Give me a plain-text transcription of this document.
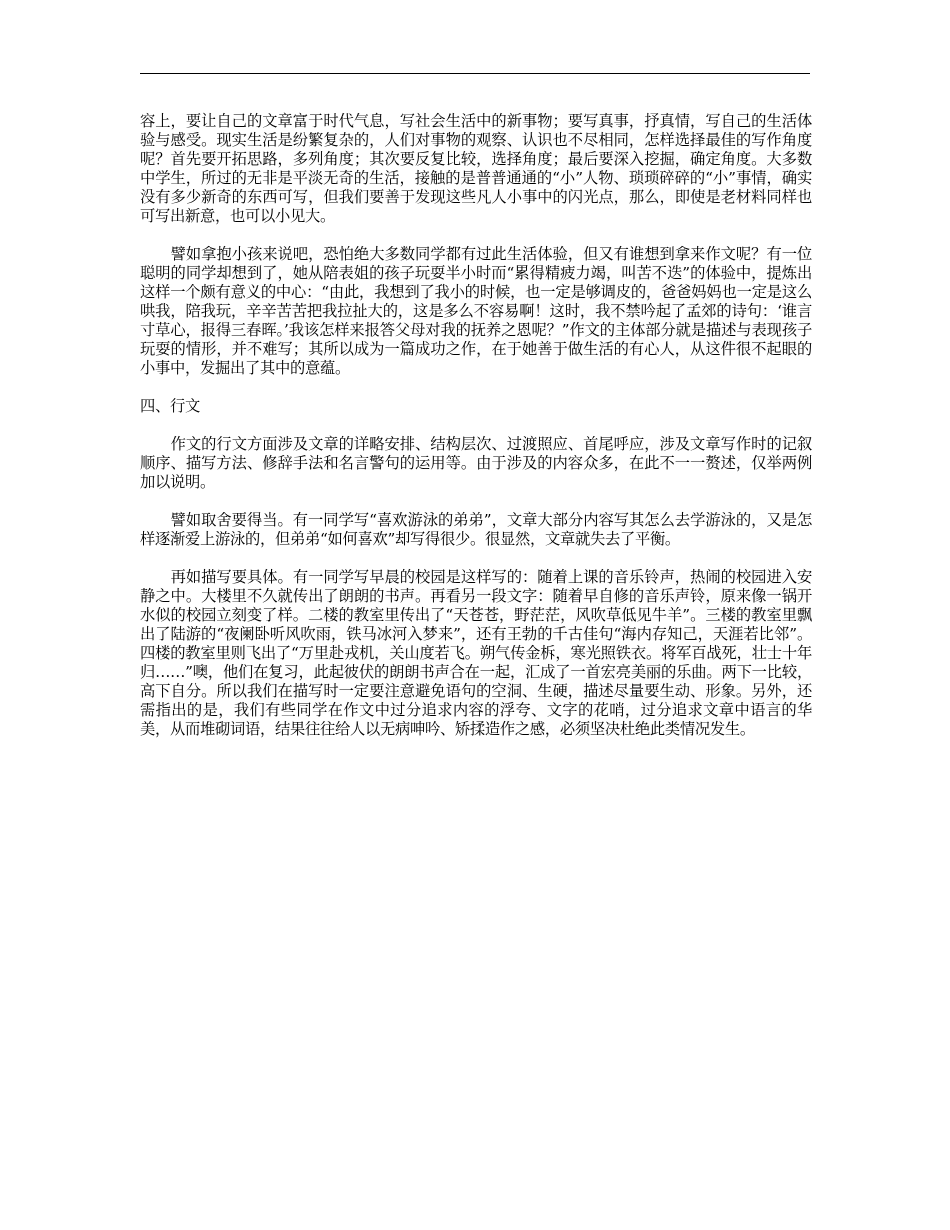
容上，要让自己的文章富于时代气息，写社会生活中的新事物；要写真事，抒真情，写自己的生活体验与感受。现实生活是纷繁复杂的，人们对事物的观察、认识也不尽相同，怎样选择最佳的写作角度呢？首先要开拓思路，多列角度；其次要反复比较，选择角度；最后要深入挖掘，确定角度。大多数中学生，所过的无非是平淡无奇的生活，接触的是普普通通的“小”人物、琐琐碎碎的“小”事情，确实没有多少新奇的东西可写，但我们要善于发现这些凡人小事中的闪光点，那么，即使是老材料同样也可写出新意，也可以小见大。

譬如拿抱小孩来说吧，恐怕绝大多数同学都有过此生活体验，但又有谁想到拿来作文呢？有一位聪明的同学却想到了，她从陪表姐的孩子玩耍半小时而“累得精疲力竭，叫苦不迭”的体验中，提炼出这样一个颇有意义的中心：“由此，我想到了我小的时候，也一定是够调皮的，爸爸妈妈也一定是这么哄我，陪我玩，辛辛苦苦把我拉扯大的，这是多么不容易啊！这时，我不禁吟起了孟郊的诗句：‘谁言寸草心，报得三春晖。’我该怎样来报答父母对我的抚养之恩呢？”作文的主体部分就是描述与表现孩子玩耍的情形，并不难写；其所以成为一篇成功之作，在于她善于做生活的有心人，从这件很不起眼的小事中，发掘出了其中的意蕴。

四、行文

作文的行文方面涉及文章的详略安排、结构层次、过渡照应、首尾呼应，涉及文章写作时的记叙顺序、描写方法、修辞手法和名言警句的运用等。由于涉及的内容众多，在此不一一赘述，仅举两例加以说明。

譬如取舍要得当。有一同学写“喜欢游泳的弟弟”，文章大部分内容写其怎么去学游泳的，又是怎样逐渐爱上游泳的，但弟弟“如何喜欢”却写得很少。很显然，文章就失去了平衡。

再如描写要具体。有一同学写早晨的校园是这样写的：随着上课的音乐铃声，热闹的校园进入安静之中。大楼里不久就传出了朗朗的书声。再看另一段文字：随着早自修的音乐声铃，原来像一锅开水似的校园立刻变了样。二楼的教室里传出了“天苍苍，野茫茫，风吹草低见牛羊”。三楼的教室里飘出了陆游的“夜阑卧听风吹雨，铁马冰河入梦来”，还有王勃的千古佳句“海内存知己，天涯若比邻”。四楼的教室里则飞出了“万里赴戎机，关山度若飞。朔气传金柝，寒光照铁衣。将军百战死，壮士十年归……”噢，他们在复习，此起彼伏的朗朗书声合在一起，汇成了一首宏亮美丽的乐曲。两下一比较，高下自分。所以我们在描写时一定要注意避免语句的空洞、生硬，描述尽量要生动、形象。另外，还需指出的是，我们有些同学在作文中过分追求内容的浮夸、文字的花哨，过分追求文章中语言的华美，从而堆砌词语，结果往往给人以无病呻吟、矫揉造作之感，必须坚决杜绝此类情况发生。
